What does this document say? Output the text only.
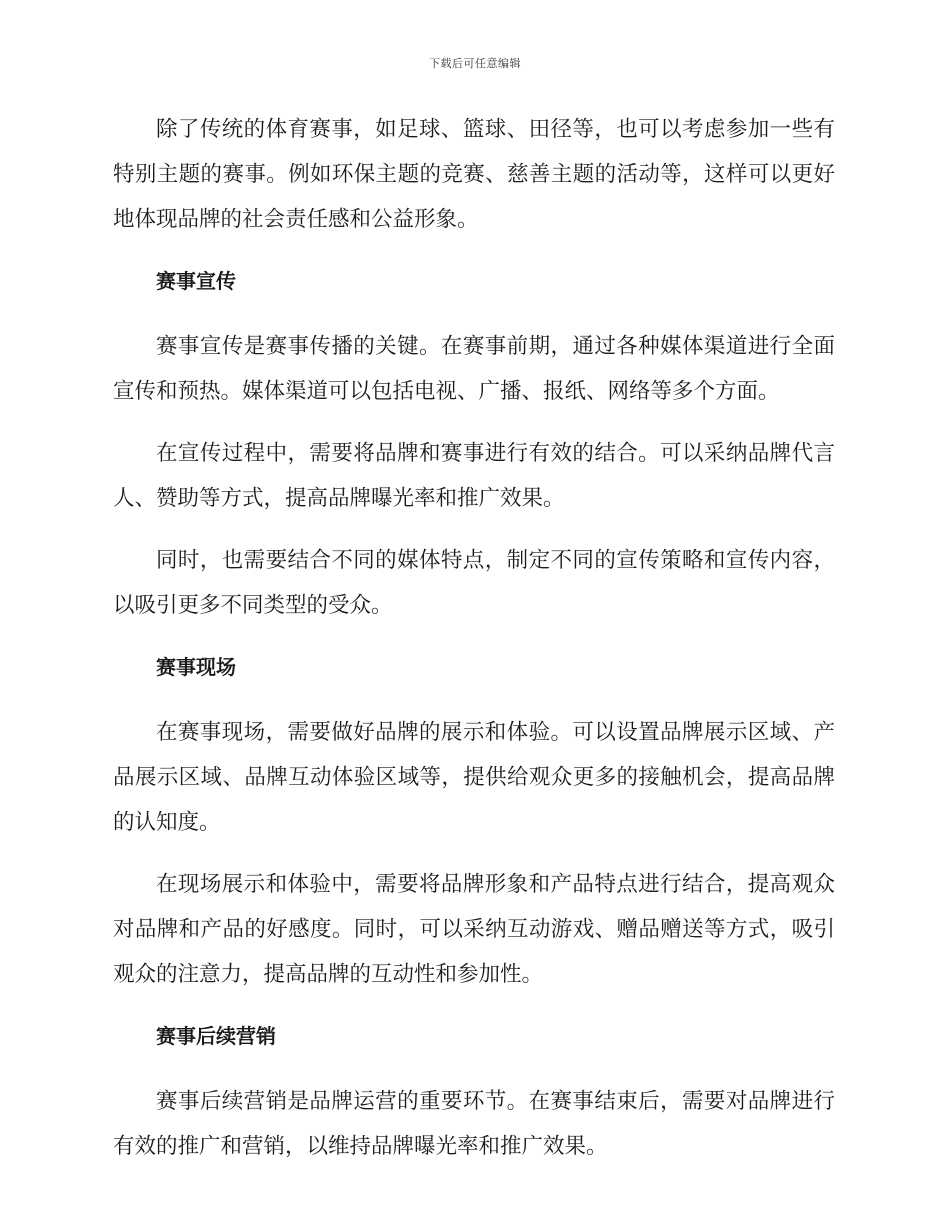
下载后可任意编辑

除了传统的体育赛事，如足球、篮球、田径等，也可以考虑参加一些有特别主题的赛事。例如环保主题的竞赛、慈善主题的活动等，这样可以更好地体现品牌的社会责任感和公益形象。

赛事宣传

赛事宣传是赛事传播的关键。在赛事前期，通过各种媒体渠道进行全面宣传和预热。媒体渠道可以包括电视、广播、报纸、网络等多个方面。

在宣传过程中，需要将品牌和赛事进行有效的结合。可以采纳品牌代言人、赞助等方式，提高品牌曝光率和推广效果。

同时，也需要结合不同的媒体特点，制定不同的宣传策略和宣传内容，以吸引更多不同类型的受众。

赛事现场

在赛事现场，需要做好品牌的展示和体验。可以设置品牌展示区域、产品展示区域、品牌互动体验区域等，提供给观众更多的接触机会，提高品牌的认知度。

在现场展示和体验中，需要将品牌形象和产品特点进行结合，提高观众对品牌和产品的好感度。同时，可以采纳互动游戏、赠品赠送等方式，吸引观众的注意力，提高品牌的互动性和参加性。

赛事后续营销

赛事后续营销是品牌运营的重要环节。在赛事结束后，需要对品牌进行有效的推广和营销，以维持品牌曝光率和推广效果。
